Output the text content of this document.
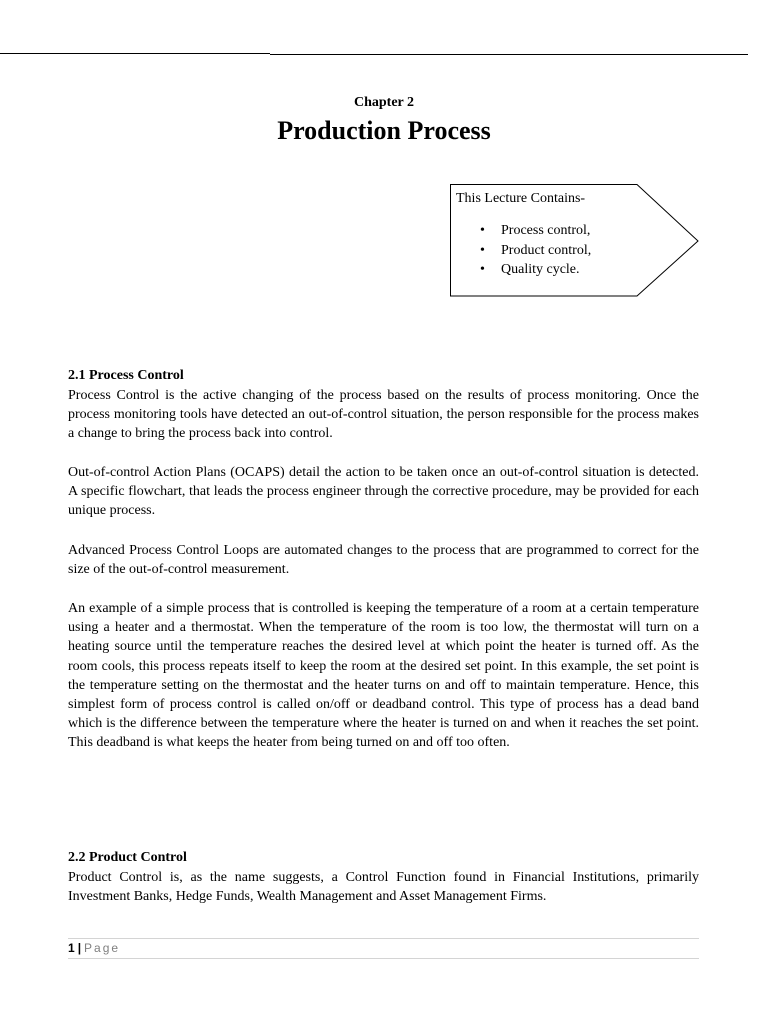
Chapter 2
Production Process
This Lecture Contains-
• Process control,
• Product control,
• Quality cycle.
2.1 Process Control

Process Control is the active changing of the process based on the results of process monitoring. Once the process monitoring tools have detected an out-of-control situation, the person responsible for the process makes a change to bring the process back into control.

Out-of-control Action Plans (OCAPS) detail the action to be taken once an out-of-control situation is detected. A specific flowchart, that leads the process engineer through the corrective procedure, may be provided for each unique process.

Advanced Process Control Loops are automated changes to the process that are programmed to correct for the size of the out-of-control measurement.

An example of a simple process that is controlled is keeping the temperature of a room at a certain temperature using a heater and a thermostat. When the temperature of the room is too low, the thermostat will turn on a heating source until the temperature reaches the desired level at which point the heater is turned off. As the room cools, this process repeats itself to keep the room at the desired set point. In this example, the set point is the temperature setting on the thermostat and the heater turns on and off to maintain temperature. Hence, this simplest form of process control is called on/off or deadband control. This type of process has a dead band which is the difference between the temperature where the heater is turned on and when it reaches the set point. This deadband is what keeps the heater from being turned on and off too often.

2.2 Product Control

Product Control is, as the name suggests, a Control Function found in Financial Institutions, primarily Investment Banks, Hedge Funds, Wealth Management and Asset Management Firms.

1 | Page
